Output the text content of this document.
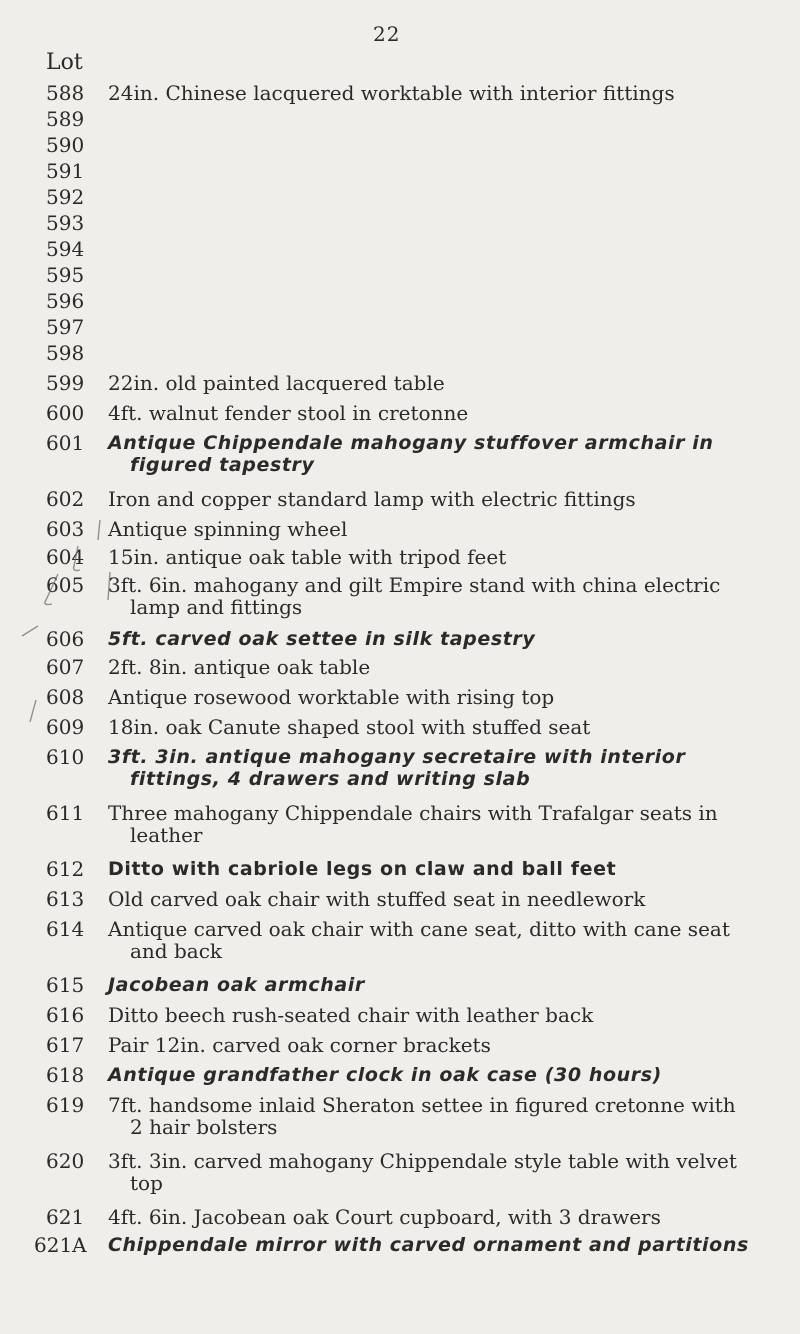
22
Lot
588	24in. Chinese lacquered worktable with interior fittings
589
590
591
592
593
594
595
596
597
598
599	22in. old painted lacquered table
600	4ft. walnut fender stool in cretonne
601	Antique Chippendale mahogany stuffover armchair in
figured tapestry
602	Iron and copper standard lamp with electric fittings
603	Antique spinning wheel
604	15in. antique oak table with tripod feet
605	3ft. 6in. mahogany and gilt Empire stand with china electric
lamp and fittings
606	5ft. carved oak settee in silk tapestry
607	2ft. 8in. antique oak table
608	Antique rosewood worktable with rising top
609	18in. oak Canute shaped stool with stuffed seat
610	3ft. 3in. antique mahogany secretaire with interior
fittings, 4 drawers and writing slab
611	Three mahogany Chippendale chairs with Trafalgar seats in
leather
612	Ditto with cabriole legs on claw and ball feet
613	Old carved oak chair with stuffed seat in needlework
614	Antique carved oak chair with cane seat, ditto with cane seat
and back
615	Jacobean oak armchair
616	Ditto beech rush-seated chair with leather back
617	Pair 12in. carved oak corner brackets
618	Antique grandfather clock in oak case (30 hours)
619	7ft. handsome inlaid Sheraton settee in figured cretonne with
2 hair bolsters
620	3ft. 3in. carved mahogany Chippendale style table with velvet
top
621	4ft. 6in. Jacobean oak Court cupboard, with 3 drawers
621A	Chippendale mirror with carved ornament and partitions
